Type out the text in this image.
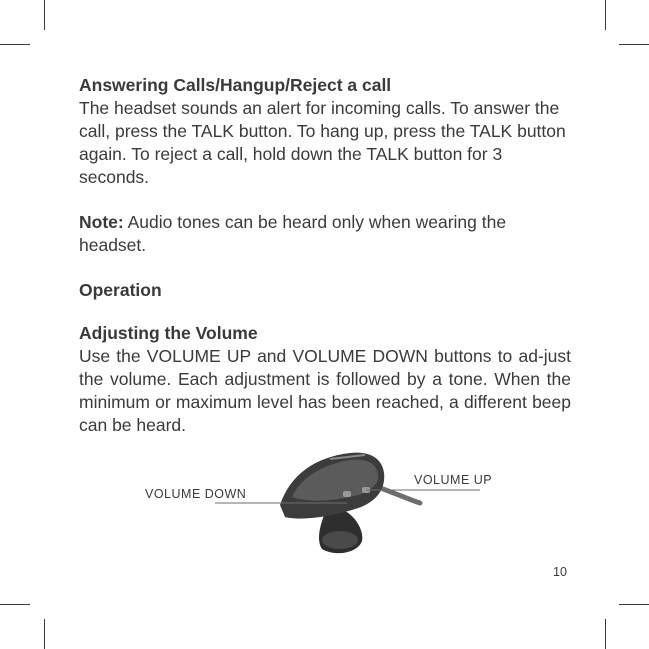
Answering Calls/Hangup/Reject a call

The headset sounds an alert for incoming calls. To answer the call, press the TALK button. To hang up, press the TALK button again. To reject a call, hold down the TALK button for 3 seconds.

Note: Audio tones can be heard only when wearing the headset.

Operation

Adjusting the Volume

Use the VOLUME UP and VOLUME DOWN buttons to ad-just the volume. Each adjustment is followed by a tone. When the minimum or maximum level has been reached, a different beep can be heard.

VOLUME DOWN
VOLUME UP
10
